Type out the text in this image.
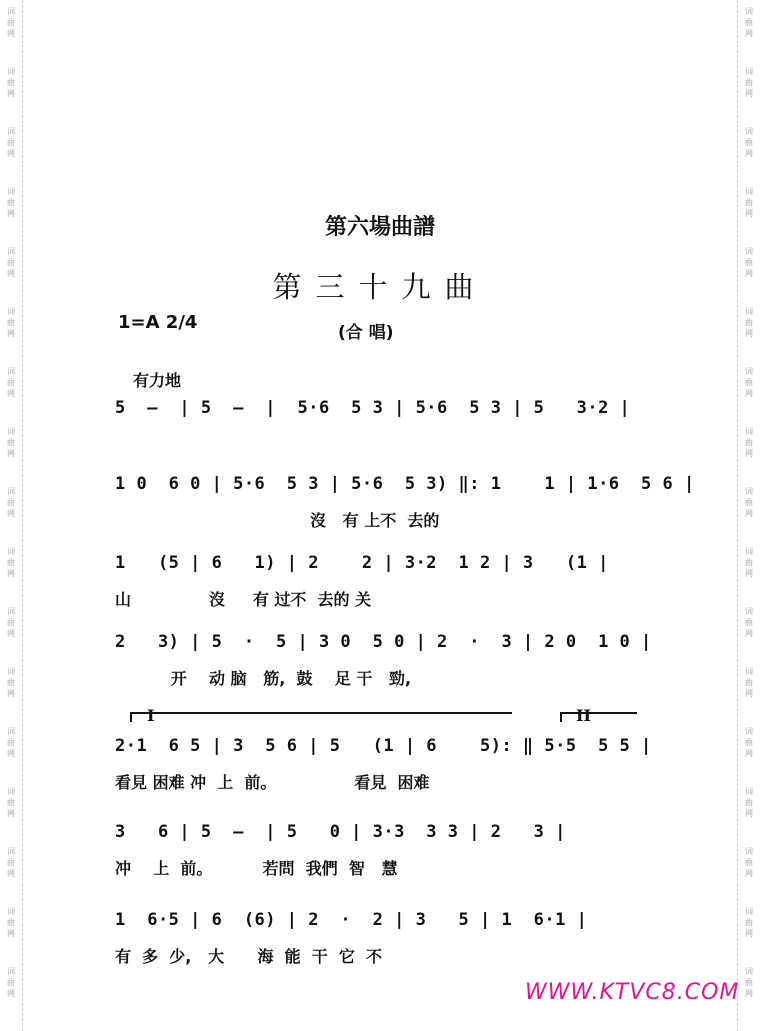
词
曲
网
词
曲
网
词
曲
网
词
曲
网
词
曲
网
词
曲
网
词
曲
网
词
曲
网
词
曲
网
词
曲
网
词
曲
网
词
曲
网
词
曲
网
词
曲
网
词
曲
网
词
曲
网
词
曲
网
词
曲
网
词
曲
网
词
曲
网
词
曲
网
词
曲
网
词
曲
网
词
曲
网
词
曲
网
词
曲
网
词
曲
网
词
曲
网
词
曲
网
词
曲
网
词
曲
网
词
曲
网
词
曲
网
词
曲
网
第六場曲譜
第三十九曲
1=A 2/4	(合 唱)
有力地
5  —  | 5  —  |  5·6  5 3 | 5·6  5 3 | 5   3·2 |
1 0  6 0 | 5·6  5 3 | 5·6  5 3) ‖: 1    1 | 1·6  5 6 |
沒   有 上不  去的
1   (5 | 6   1) | 2    2 | 3·2  1 2 | 3   (1 |
山              沒     有 过不  去的 关
2   3) | 5  ·  5 | 3 0  5 0 | 2  ·  3 | 2 0  1 0 |
开    动 脑   筋,  鼓    足 干   勁,
I	II
2·1  6 5 | 3  5 6 | 5   (1 | 6    5): ‖ 5·5  5 5 |
看見 困难 冲  上  前。              看見  困难
3   6 | 5  —  | 5   0 | 3·3  3 3 | 2   3 |
冲    上  前。         若問  我們  智   慧
1  6·5 | 6  (6) | 2  ·  2 | 3   5 | 1  6·1 |
有  多  少,   大      海  能  干  它  不
WWW.KTVC8.COM
